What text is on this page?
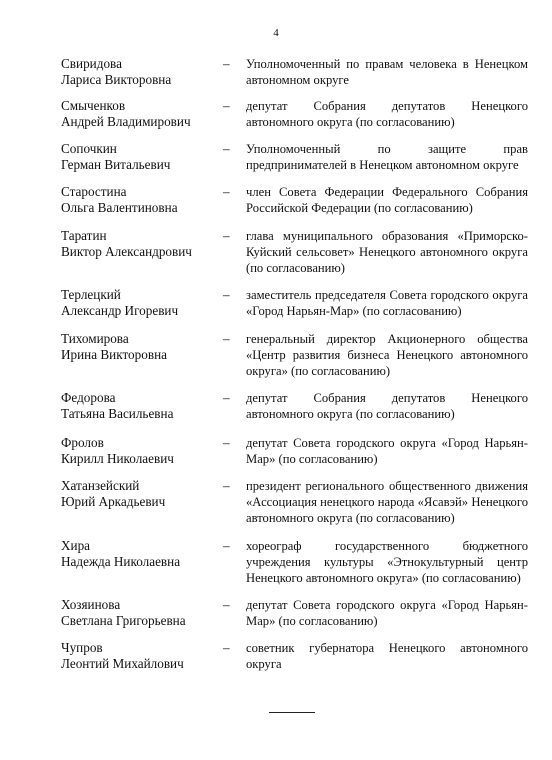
4
Свиридова
Лариса Викторовна
– Уполномоченный по правам человека в Ненецком автономном округе
Смыченков
Андрей Владимирович
– депутат Собрания депутатов Ненецкого автономного округа (по согласованию)
Сопочкин
Герман Витальевич
– Уполномоченный по защите прав предпринимателей в Ненецком автономном округе
Старостина
Ольга Валентиновна
– член Совета Федерации Федерального Собрания Российской Федерации (по согласованию)
Таратин
Виктор Александрович
– глава муниципального образования «Приморско-Куйский сельсовет» Ненецкого автономного округа (по согласованию)
Терлецкий
Александр Игоревич
– заместитель председателя Совета городского округа «Город Нарьян-Мар» (по согласованию)
Тихомирова
Ирина Викторовна
– генеральный директор Акционерного общества «Центр развития бизнеса Ненецкого автономного округа» (по согласованию)
Федорова
Татьяна Васильевна
– депутат Собрания депутатов Ненецкого автономного округа (по согласованию)
Фролов
Кирилл Николаевич
– депутат Совета городского округа «Город Нарьян-Мар» (по согласованию)
Хатанзейский
Юрий Аркадьевич
– президент регионального общественного движения «Ассоциация ненецкого народа «Ясавэй» Ненецкого автономного округа (по согласованию)
Хира
Надежда Николаевна
– хореограф государственного бюджетного учреждения культуры «Этнокультурный центр Ненецкого автономного округа» (по согласованию)
Хозяинова
Светлана Григорьевна
– депутат Совета городского округа «Город Нарьян-Мар» (по согласованию)
Чупров
Леонтий Михайлович
– советник губернатора Ненецкого автономного округа
